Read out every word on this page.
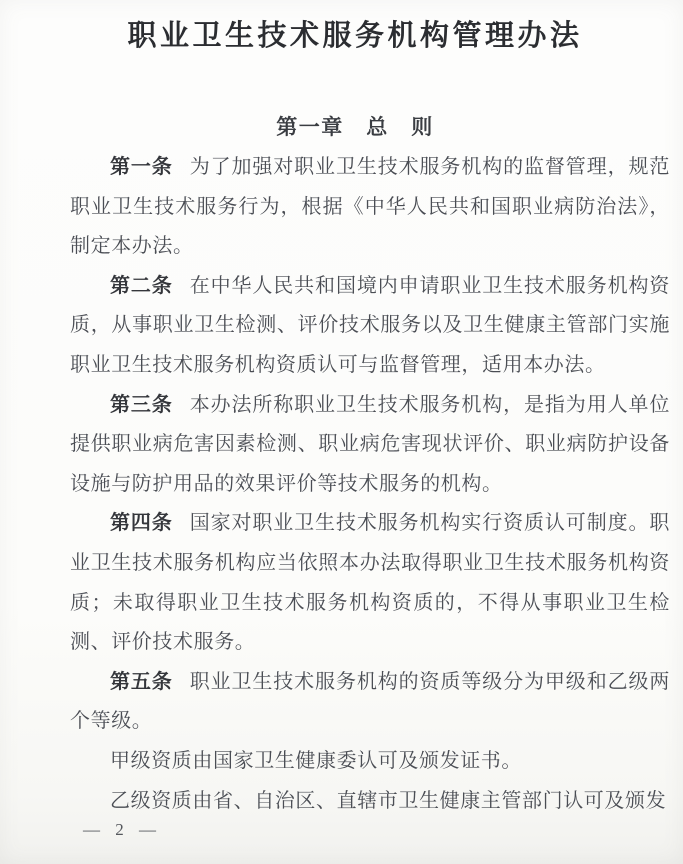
职业卫生技术服务机构管理办法
第一章　总　则

第一条 为了加强对职业卫生技术服务机构的监督管理，规范职业卫生技术服务行为，根据《中华人民共和国职业病防治法》，制定本办法。

第二条 在中华人民共和国境内申请职业卫生技术服务机构资质，从事职业卫生检测、评价技术服务以及卫生健康主管部门实施职业卫生技术服务机构资质认可与监督管理，适用本办法。

第三条 本办法所称职业卫生技术服务机构，是指为用人单位提供职业病危害因素检测、职业病危害现状评价、职业病防护设备设施与防护用品的效果评价等技术服务的机构。

第四条 国家对职业卫生技术服务机构实行资质认可制度。职业卫生技术服务机构应当依照本办法取得职业卫生技术服务机构资质；未取得职业卫生技术服务机构资质的，不得从事职业卫生检测、评价技术服务。

第五条 职业卫生技术服务机构的资质等级分为甲级和乙级两个等级。

甲级资质由国家卫生健康委认可及颁发证书。

乙级资质由省、自治区、直辖市卫生健康主管部门认可及颁发

— 2 —
